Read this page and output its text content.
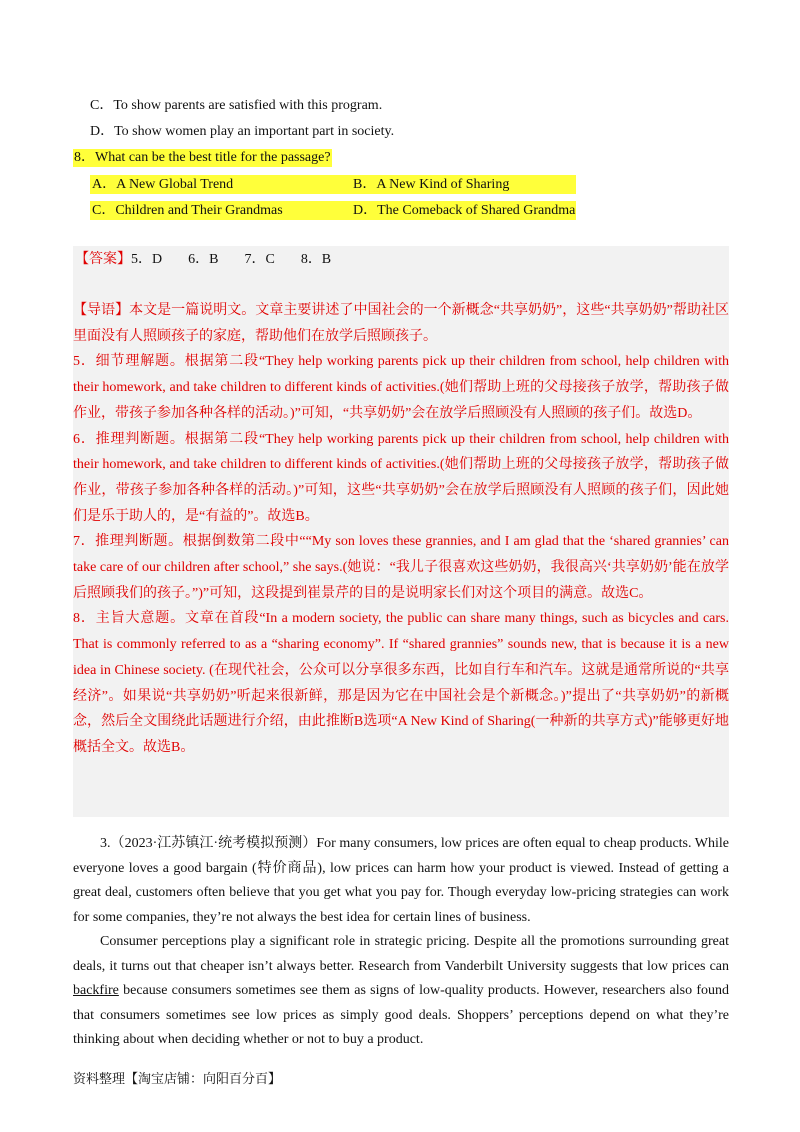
C．To show parents are satisfied with this program.
D．To show women play an important part in society.
8．What can be the best title for the passage?
A．A New Global Trend	B．A New Kind of Sharing
C．Children and Their Grandmas	D．The Comeback of Shared Grandma
【答案】5．D 6．B 7．C 8．B

【导语】本文是一篇说明文。文章主要讲述了中国社会的一个新概念“共享奶奶”，这些“共享奶奶”帮助社区里面没有人照顾孩子的家庭，帮助他们在放学后照顾孩子。

5．细节理解题。根据第二段“They help working parents pick up their children from school, help children with their homework, and take children to different kinds of activities.(她们帮助上班的父母接孩子放学，帮助孩子做作业，带孩子参加各种各样的活动。)”可知，“共享奶奶”会在放学后照顾没有人照顾的孩子们。故选D。

6．推理判断题。根据第二段“They help working parents pick up their children from school, help children with their homework, and take children to different kinds of activities.(她们帮助上班的父母接孩子放学，帮助孩子做作业，带孩子参加各种各样的活动。)”可知，这些“共享奶奶”会在放学后照顾没有人照顾的孩子们，因此她们是乐于助人的，是“有益的”。故选B。

7．推理判断题。根据倒数第二段中““My son loves these grannies, and I am glad that the ‘shared grannies’ can take care of our children after school,” she says.(她说：“我儿子很喜欢这些奶奶，我很高兴‘共享奶奶’能在放学后照顾我们的孩子。”)”可知，这段提到崔景芹的目的是说明家长们对这个项目的满意。故选C。

8．主旨大意题。文章在首段“In a modern society, the public can share many things, such as bicycles and cars. That is commonly referred to as a “sharing economy”. If “shared grannies” sounds new, that is because it is a new idea in Chinese society. (在现代社会，公众可以分享很多东西，比如自行车和汽车。这就是通常所说的“共享经济”。如果说“共享奶奶”听起来很新鲜，那是因为它在中国社会是个新概念。)”提出了“共享奶奶”的新概念，然后全文围绕此话题进行介绍，由此推断B选项“A New Kind of Sharing(一种新的共享方式)”能够更好地概括全文。故选B。

3.（2023·江苏镇江·统考模拟预测）For many consumers, low prices are often equal to cheap products. While everyone loves a good bargain (特价商品), low prices can harm how your product is viewed. Instead of getting a great deal, customers often believe that you get what you pay for. Though everyday low-pricing strategies can work for some companies, they’re not always the best idea for certain lines of business.

Consumer perceptions play a significant role in strategic pricing. Despite all the promotions surrounding great deals, it turns out that cheaper isn’t always better. Research from Vanderbilt University suggests that low prices can backfire because consumers sometimes see them as signs of low-quality products. However, researchers also found that consumers sometimes see low prices as simply good deals. Shoppers’ perceptions depend on what they’re thinking about when deciding whether or not to buy a product.

资料整理【淘宝店铺：向阳百分百】
